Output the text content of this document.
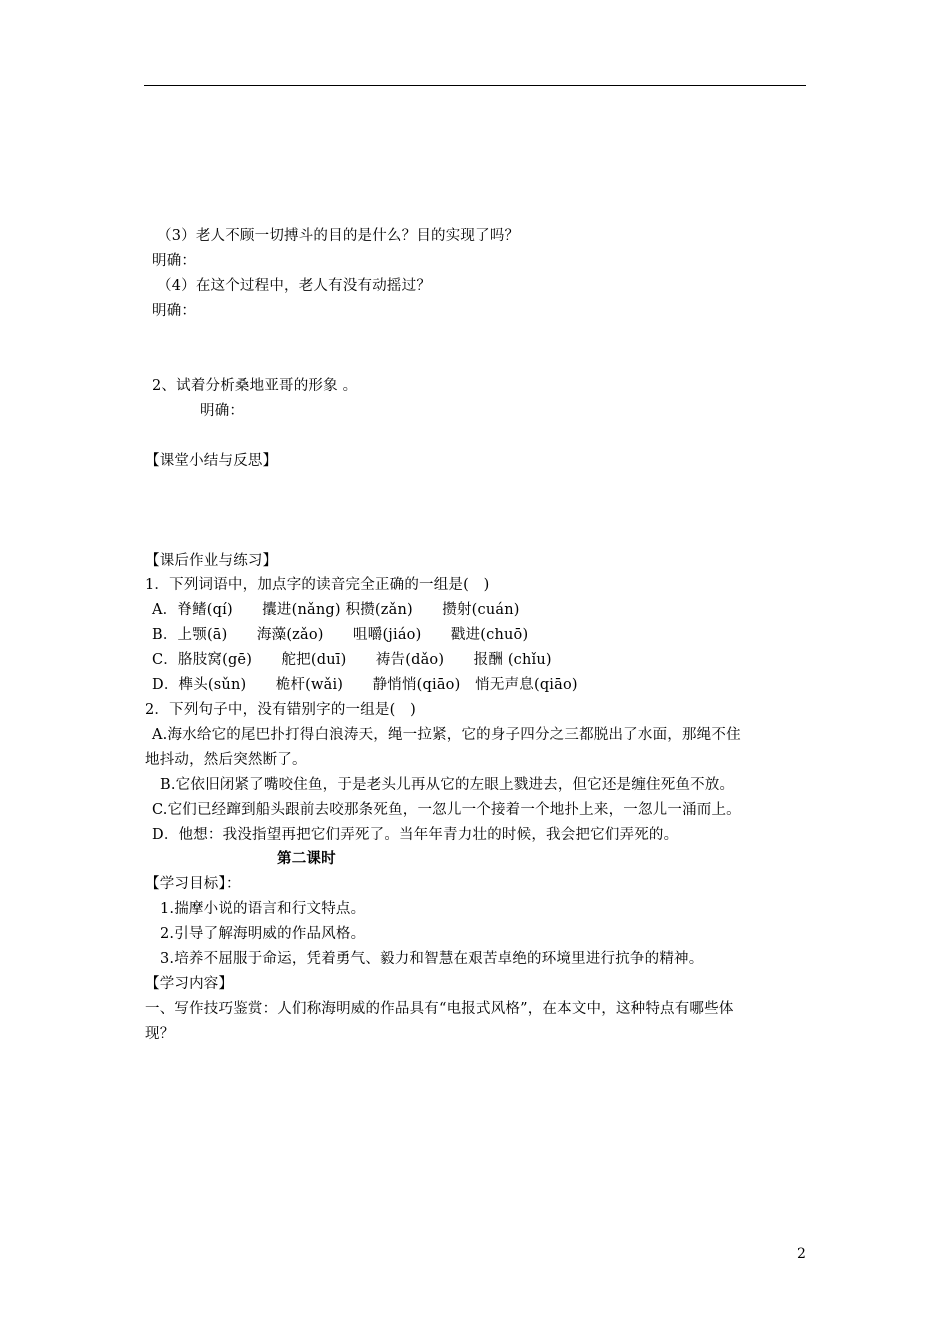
（3）老人不顾一切搏斗的目的是什么？目的实现了吗？
明确：
（4）在这个过程中，老人有没有动摇过？
明确：
2、试着分析桑地亚哥的形象 。
明确：
【课堂小结与反思】
【课后作业与练习】
1．下列词语中，加点字的读音完全正确的一组是(　)
A．脊鳍(qí)　　攮进(nǎng) 积攒(zǎn)　　攒射(cuán)
B．上颚(ā)　　海藻(zǎo)　　咀嚼(jiáo)　　戳进(chuō)
C．胳肢窝(gē)　　舵把(duī)　　祷告(dǎo)　　报酬 (chǐu)
D．榫头(sǔn)　　桅杆(wǎi)　　静悄悄(qiāo)　悄无声息(qiāo)
2．下列句子中，没有错别字的一组是(　)
A.海水给它的尾巴扑打得白浪涛天，绳一拉紧，它的身子四分之三都脱出了水面，那绳不住
地抖动，然后突然断了。
B.它依旧闭紧了嘴咬住鱼，于是老头儿再从它的左眼上戮进去，但它还是缠住死鱼不放。
C.它们已经蹿到船头跟前去咬那条死鱼，一忽儿一个接着一个地扑上来，一忽儿一涌而上。
D．他想：我没指望再把它们弄死了。当年年青力壮的时候，我会把它们弄死的。
第二课时
【学习目标】：
1.揣摩小说的语言和行文特点。
2.引导了解海明威的作品风格。
3.培养不屈服于命运，凭着勇气、毅力和智慧在艰苦卓绝的环境里进行抗争的精神。
【学习内容】
一、写作技巧鉴赏：人们称海明威的作品具有“电报式风格”，在本文中，这种特点有哪些体
现？
2
